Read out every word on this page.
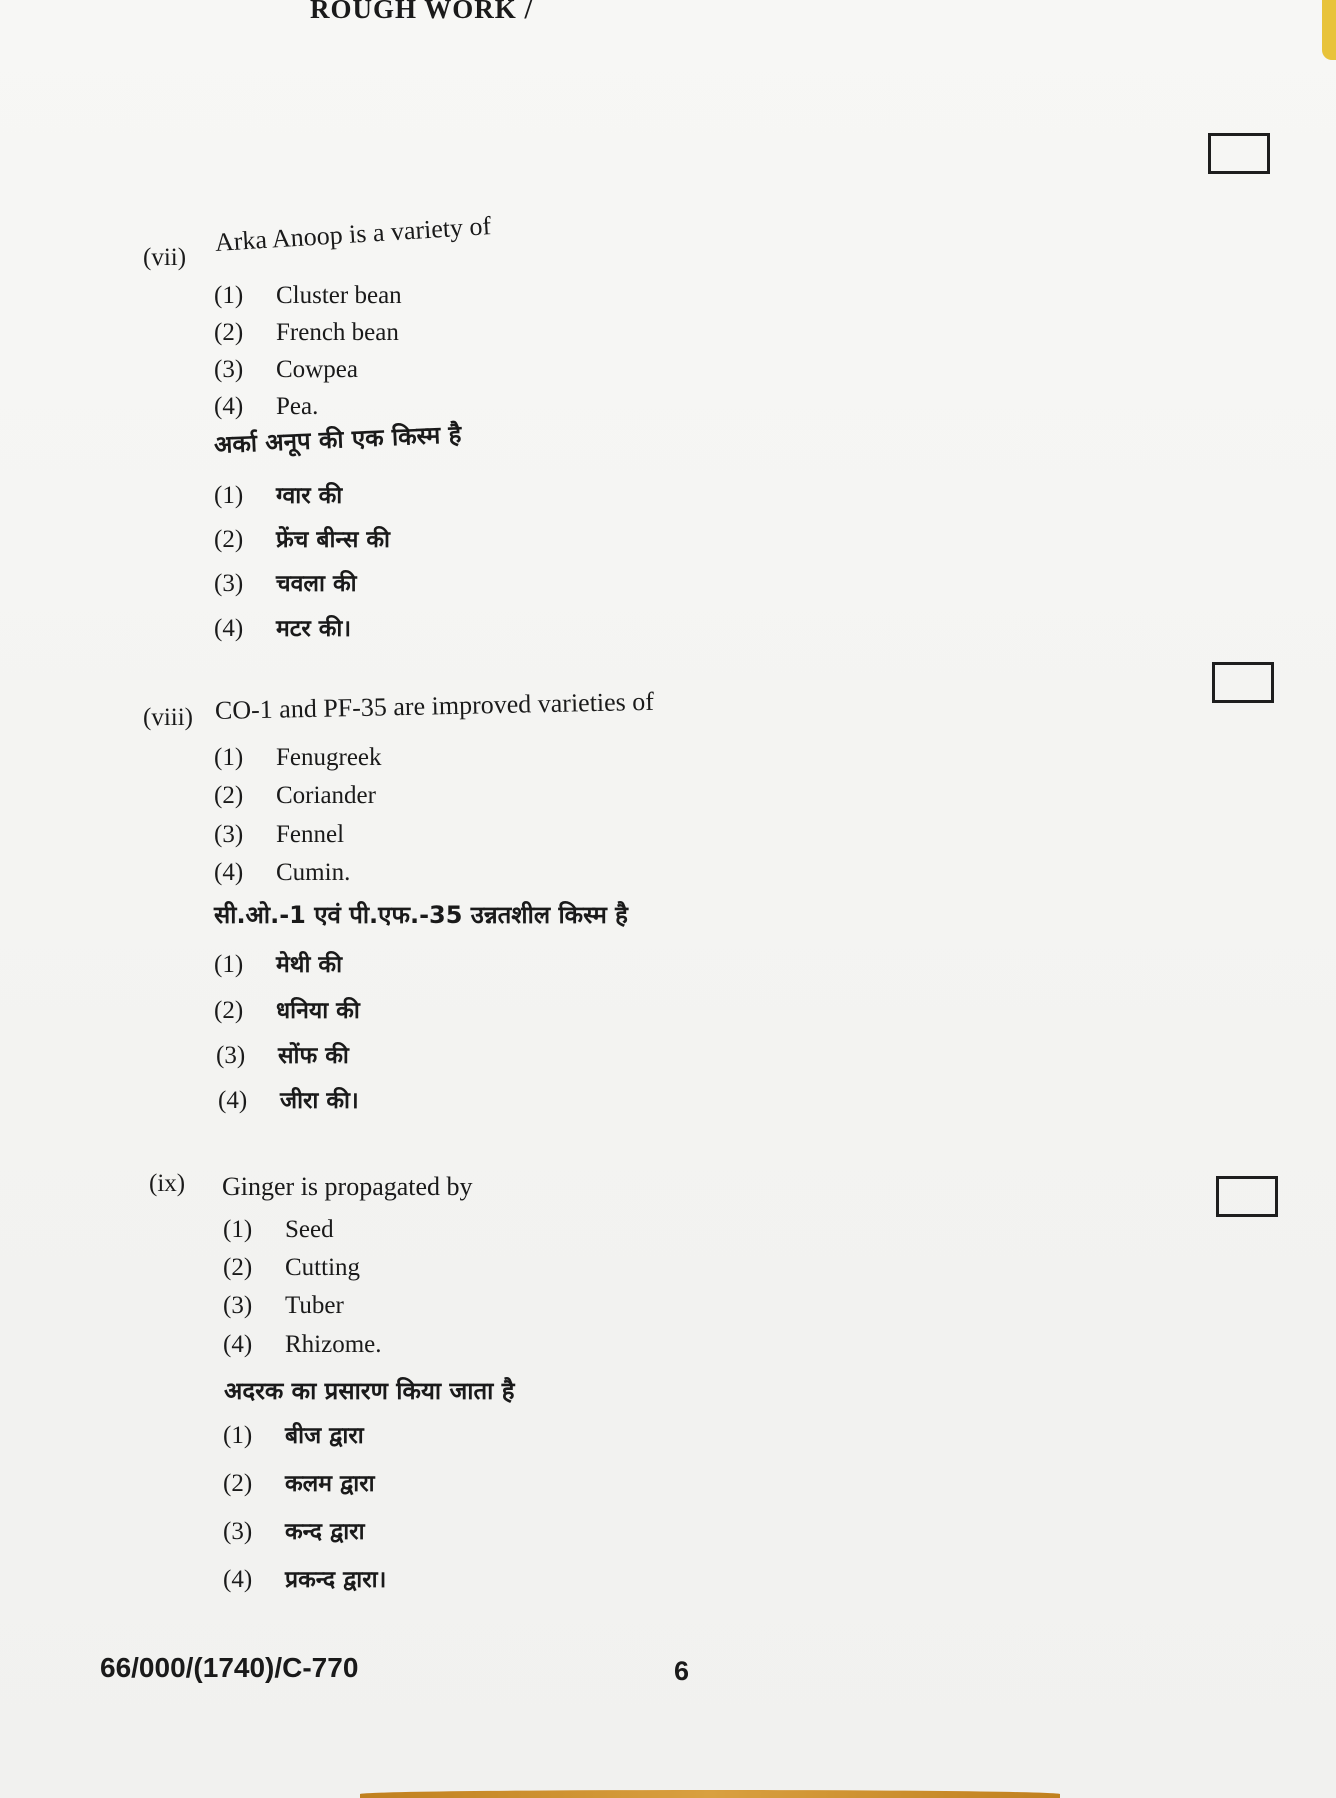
ROUGH WORK /
(vii)
Arka Anoop is a variety of
(1) Cluster bean
(2) French bean
(3) Cowpea
(4) Pea.
अर्का अनूप की एक किस्म है
(1) ग्वार की
(2) फ्रेंच बीन्स की
(3) चवला की
(4) मटर की।
(viii) CO-1 and PF-35 are improved varieties of
(1) Fenugreek
(2) Coriander
(3) Fennel
(4) Cumin.
सी.ओ.-1 एवं पी.एफ.-35 उन्नतशील किस्म है
(1) मेथी की
(2) धनिया की
(3) सोंफ की
(4) जीरा की।
(ix) Ginger is propagated by
(1) Seed
(2) Cutting
(3) Tuber
(4) Rhizome.
अदरक का प्रसारण किया जाता है
(1) बीज द्वारा
(2) कलम द्वारा
(3) कन्द द्वारा
(4) प्रकन्द द्वारा।
66/000/(1740)/C-770	6
